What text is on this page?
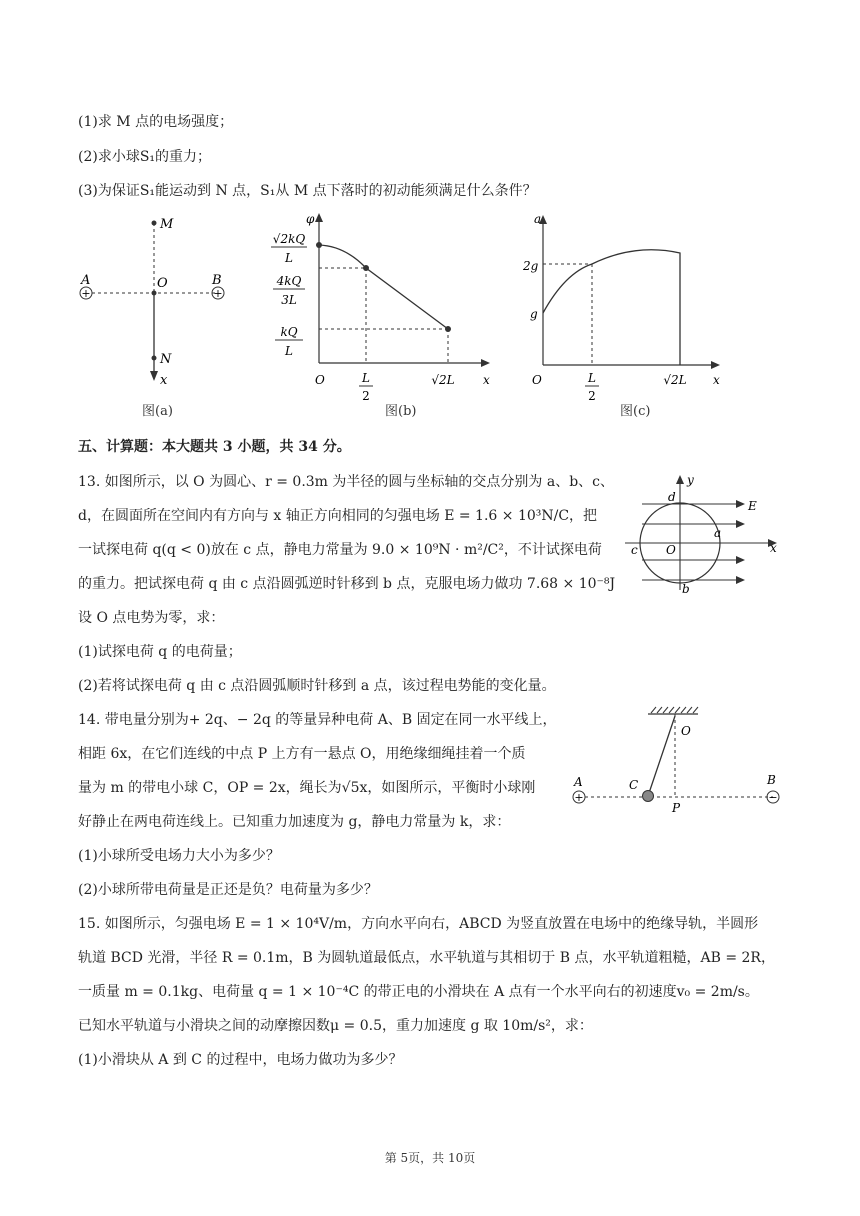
(1)求 M 点的电场强度；
(2)求小球S₁的重力；
(3)为保证S₁能运动到 N 点，S₁从 M 点下落时的初动能须满足什么条件？
+	+
M
A	O	B
N
x
图(a)
φ
√2kQ
L
4kQ
3L
kQ
L
O	L
2
√2L x
图(b)
a
2g
g
O	L
2
√2L x
图(c)
五、计算题：本大题共 3 小题，共 34 分。
13. 如图所示，以 O 为圆心、r = 0.3m 为半径的圆与坐标轴的交点分别为 a、b、c、
d，在圆面所在空间内有方向与 x 轴正方向相同的匀强电场 E = 1.6 × 10³N/C，把
一试探电荷 q(q < 0)放在 c 点，静电力常量为 9.0 × 10⁹N · m²/C²，不计试探电荷
的重力。把试探电荷 q 由 c 点沿圆弧逆时针移到 b 点，克服电场力做功 7.68 × 10⁻⁸J
设 O 点电势为零，求：
(1)试探电荷 q 的电荷量；
(2)若将试探电荷 q 由 c 点沿圆弧顺时针移到 a 点，该过程电势能的变化量。
y
x
E
d
a
c O
b
14. 带电量分别为+ 2q、− 2q 的等量异种电荷 A、B 固定在同一水平线上，
相距 6x，在它们连线的中点 P 上方有一悬点 O，用绝缘细绳挂着一个质
量为 m 的带电小球 C，OP = 2x，绳长为√5x，如图所示，平衡时小球刚
好静止在两电荷连线上。已知重力加速度为 g，静电力常量为 k，求：
(1)小球所受电场力大小为多少？
(2)小球所带电荷量是正还是负？电荷量为多少？
+	−
O
A	C
P
B
15. 如图所示，匀强电场 E = 1 × 10⁴V/m，方向水平向右，ABCD 为竖直放置在电场中的绝缘导轨，半圆形
轨道 BCD 光滑，半径 R = 0.1m，B 为圆轨道最低点，水平轨道与其相切于 B 点，水平轨道粗糙，AB = 2R，
一质量 m = 0.1kg、电荷量 q = 1 × 10⁻⁴C 的带正电的小滑块在 A 点有一个水平向右的初速度v₀ = 2m/s。
已知水平轨道与小滑块之间的动摩擦因数μ = 0.5，重力加速度 g 取 10m/s²，求：
(1)小滑块从 A 到 C 的过程中，电场力做功为多少？
第 5页，共 10页
